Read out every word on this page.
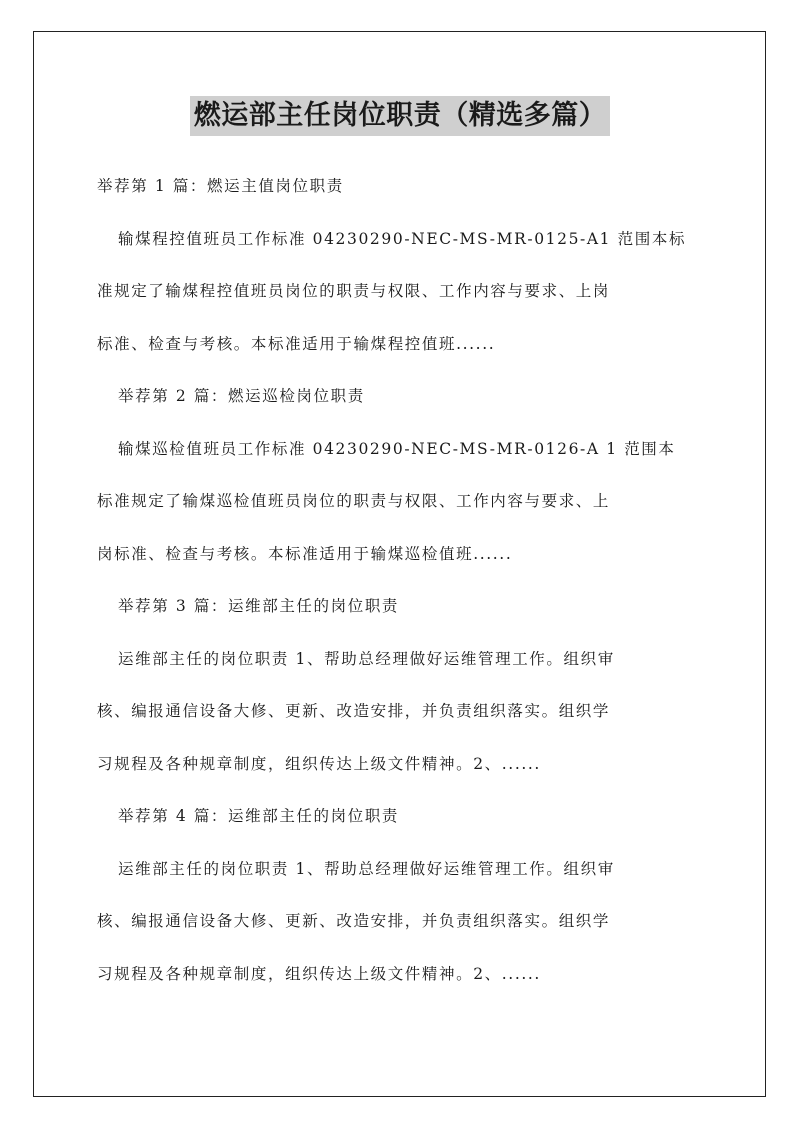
燃运部主任岗位职责（精选多篇）
举荐第 1 篇：燃运主值岗位职责
输煤程控值班员工作标准 04230290-NEC-MS-MR-0125-A1 范围本标
准规定了输煤程控值班员岗位的职责与权限、工作内容与要求、上岗
标准、检查与考核。本标准适用于输煤程控值班......
举荐第 2 篇：燃运巡检岗位职责
输煤巡检值班员工作标准 04230290-NEC-MS-MR-0126-A 1 范围本
标准规定了输煤巡检值班员岗位的职责与权限、工作内容与要求、上
岗标准、检查与考核。本标准适用于输煤巡检值班......
举荐第 3 篇：运维部主任的岗位职责
运维部主任的岗位职责 1、帮助总经理做好运维管理工作。组织审
核、编报通信设备大修、更新、改造安排，并负责组织落实。组织学
习规程及各种规章制度，组织传达上级文件精神。2、......
举荐第 4 篇：运维部主任的岗位职责
运维部主任的岗位职责 1、帮助总经理做好运维管理工作。组织审
核、编报通信设备大修、更新、改造安排，并负责组织落实。组织学
习规程及各种规章制度，组织传达上级文件精神。2、......
